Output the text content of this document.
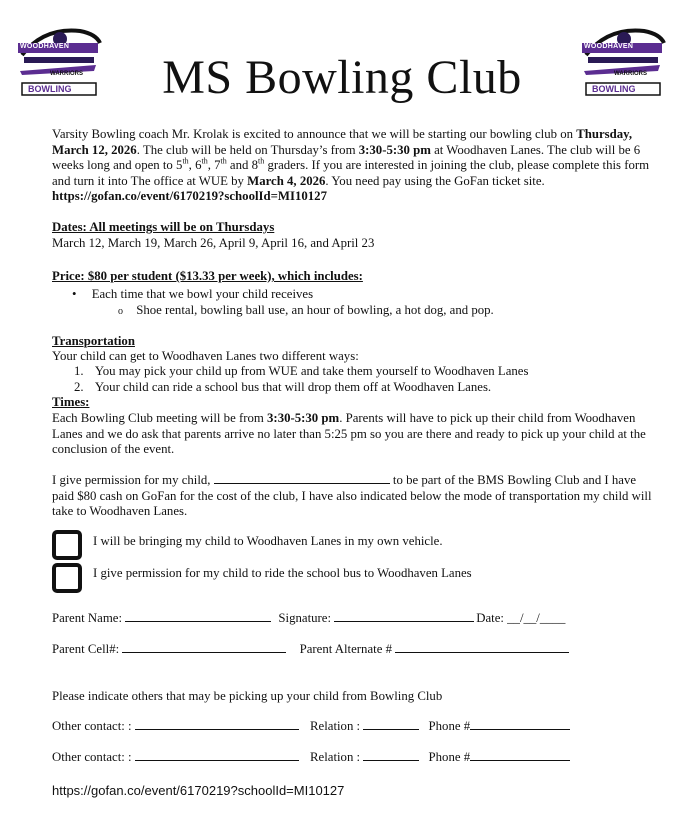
WOODHAVEN
WARRIORS
BOWLING
WOODHAVEN
WARRIORS
BOWLING
MS Bowling Club
Varsity Bowling coach Mr. Krolak is excited to announce that we will be starting our bowling club on Thursday, March 12, 2026. The club will be held on Thursday’s from 3:30-5:30 pm at Woodhaven Lanes. The club will be 6 weeks long and open to 5th, 6th, 7th and 8th graders. If you are interested in joining the club, please complete this form and turn it into The office at WUE by March 4, 2026. You need pay using the GoFan ticket site. https://gofan.co/event/6170219?schoolId=MI10127
Dates: All meetings will be on Thursdays
March 12, March 19, March 26, April 9, April 16, and April 23
Price: $80 per student ($13.33 per week), which includes:
• Each time that we bowl your child receives
o Shoe rental, bowling ball use, an hour of bowling, a hot dog, and pop.
Transportation
Your child can get to Woodhaven Lanes two different ways:
1. You may pick your child up from WUE and take them yourself to Woodhaven Lanes
2. Your child can ride a school bus that will drop them off at Woodhaven Lanes.
Times:
Each Bowling Club meeting will be from 3:30-5:30 pm. Parents will have to pick up their child from Woodhaven Lanes and we do ask that parents arrive no later than 5:25 pm so you are there and ready to pick up your child at the conclusion of the event.
I give permission for my child,	to be part of the BMS Bowling Club and I have paid $80 cash on GoFan for the cost of the club, I have also indicated below the mode of transportation my child will take to Woodhaven Lanes.
I will be bringing my child to Woodhaven Lanes in my own vehicle.
I give permission for my child to ride the school bus to Woodhaven Lanes
Parent Name:	Signature:	Date: __/__/____
Parent Cell#:	Parent Alternate #
Please indicate others that may be picking up your child from Bowling Club
Other contact: :	Relation :	Phone #
Other contact: :	Relation :	Phone #
https://gofan.co/event/6170219?schoolId=MI10127
